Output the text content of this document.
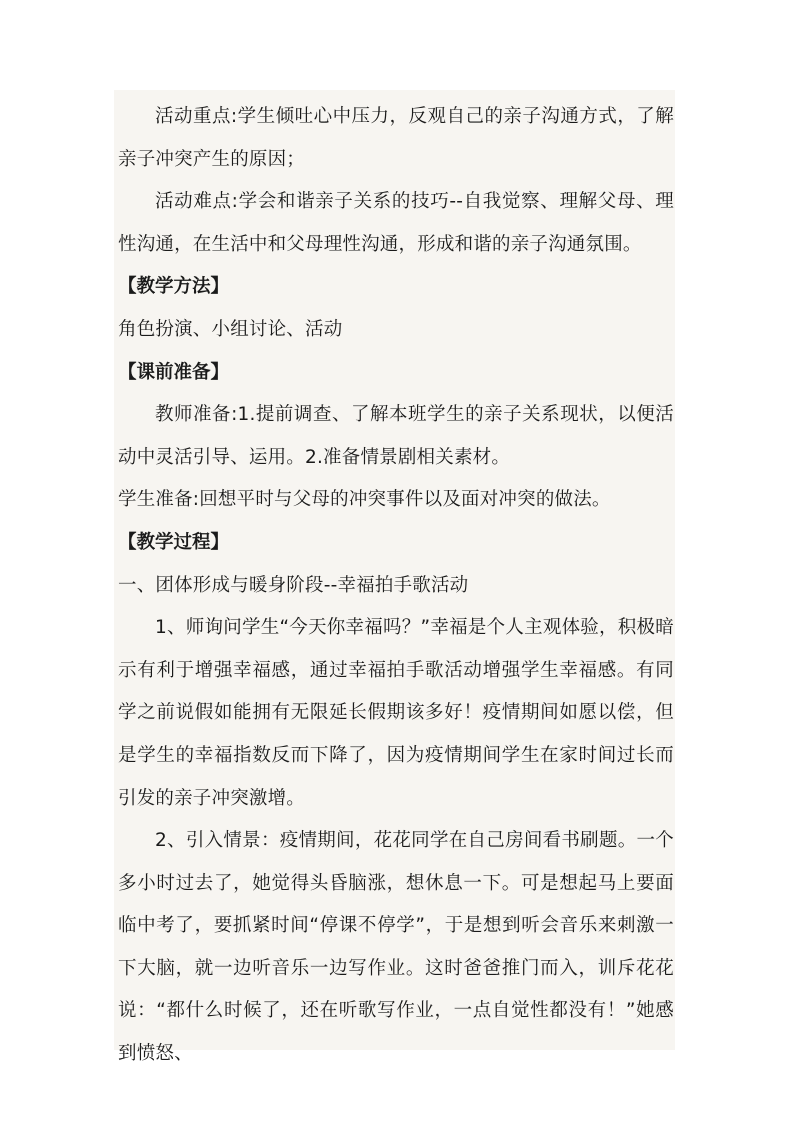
活动重点:学生倾吐心中压力，反观自己的亲子沟通方式，了解亲子冲突产生的原因；

活动难点:学会和谐亲子关系的技巧--自我觉察、理解父母、理性沟通，在生活中和父母理性沟通，形成和谐的亲子沟通氛围。

【教学方法】

角色扮演、小组讨论、活动

【课前准备】

教师准备:1.提前调查、了解本班学生的亲子关系现状，以便活动中灵活引导、运用。2.准备情景剧相关素材。

学生准备:回想平时与父母的冲突事件以及面对冲突的做法。

【教学过程】

一、团体形成与暖身阶段--幸福拍手歌活动

1、师询问学生“今天你幸福吗？”幸福是个人主观体验，积极暗示有利于增强幸福感，通过幸福拍手歌活动增强学生幸福感。有同学之前说假如能拥有无限延长假期该多好！疫情期间如愿以偿，但是学生的幸福指数反而下降了，因为疫情期间学生在家时间过长而引发的亲子冲突激增。

2、引入情景：疫情期间，花花同学在自己房间看书刷题。一个多小时过去了，她觉得头昏脑涨，想休息一下。可是想起马上要面临中考了，要抓紧时间“停课不停学”，于是想到听会音乐来刺激一下大脑，就一边听音乐一边写作业。这时爸爸推门而入，训斥花花说：“都什么时候了，还在听歌写作业，一点自觉性都没有！”她感到愤怒、
